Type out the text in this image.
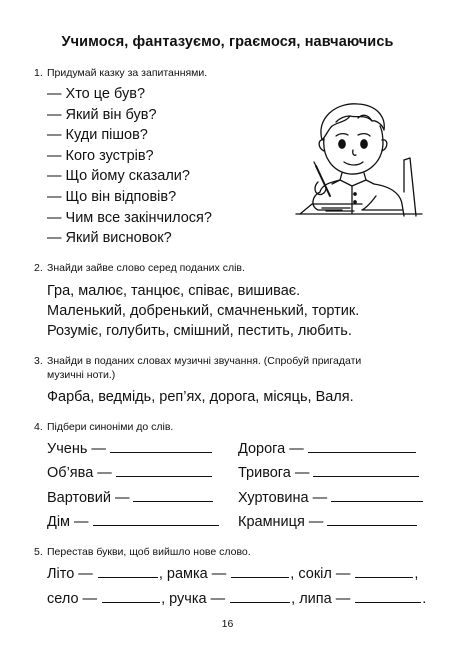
Учимося, фантазуємо, граємося, навчаючись
1. Придумай казку за запитаннями.
— Хто це був?
— Який він був?
— Куди пішов?
— Кого зустрів?
— Що йому сказали?
— Що він відповів?
— Чим все закінчилося?
— Який висновок?
2. Знайди зайве слово серед поданих слів.
Гра, малює, танцює, співає, вишиває.
Маленький, добренький, смачненький, тортик.
Розуміє, голубить, смішний, пестить, любить.
3. Знайди в поданих словах музичні звучання. (Спробуй пригадати
музичні ноти.)
Фарба, ведмідь, реп’ях, дорога, місяць, Валя.
4. Підбери синоніми до слів.
Учень —	Дорога —
Об’ява —	Тривога —
Вартовий —	Хуртовина —
Дім —	Крамниця —
5. Перестав букви, щоб вийшло нове слово.
Літо —	, рамка —	, сокіл —	,
село —	, ручка —	, липа —	.
16
